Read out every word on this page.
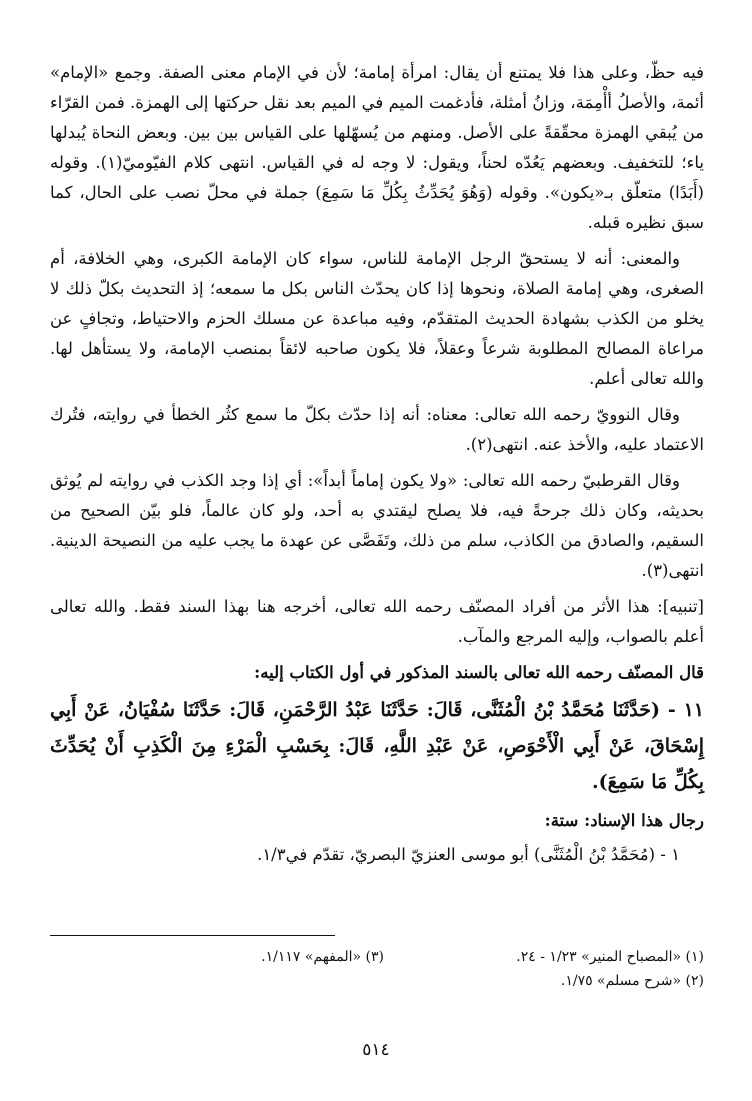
فيه حظّ، وعلى هذا فلا يمتنع أن يقال: امرأة إمامة؛ لأن في الإمام معنى الصفة. وجمع «الإمام» أئمة، والأصلُ أأْمِمَة، وزانُ أمثلة، فأدغمت الميم في الميم بعد نقل حركتها إلى الهمزة. فمن القرّاء من يُبقي الهمزة محقّقةً على الأصل. ومنهم من يُسهّلها على القياس بين بين. وبعض النحاة يُبدلها ياء؛ للتخفيف. وبعضهم يَعُدّه لحناً، ويقول: لا وجه له في القياس. انتهى كلام الفيّوميّ(١). وقوله (أَبَدًا) متعلّق بـ«يكون». وقوله (وَهُوَ يُحَدِّثُ بِكُلِّ مَا سَمِعَ) جملة في محلّ نصب على الحال، كما سبق نظيره قبله.

والمعنى: أنه لا يستحقّ الرجل الإمامة للناس، سواء كان الإمامة الكبرى، وهي الخلافة، أم الصغرى، وهي إمامة الصلاة، ونحوها إذا كان يحدّث الناس بكل ما سمعه؛ إذ التحديث بكلّ ذلك لا يخلو من الكذب بشهادة الحديث المتقدّم، وفيه مباعدة عن مسلك الحزم والاحتياط، وتجافٍ عن مراعاة المصالح المطلوبة شرعاً وعقلاً، فلا يكون صاحبه لائقاً بمنصب الإمامة، ولا يستأهل لها. والله تعالى أعلم.

وقال النوويّ رحمه الله تعالى: معناه: أنه إذا حدّث بكلّ ما سمع كثُر الخطأ في روايته، فتُرك الاعتماد عليه، والأخذ عنه. انتهى(٢).

وقال القرطبيّ رحمه الله تعالى: «ولا يكون إماماً أبداً»: أي إذا وجد الكذب في روايته لم يُوثق بحديثه، وكان ذلك جرحةً فيه، فلا يصلح ليقتدي به أحد، ولو كان عالماً، فلو بيّن الصحيح من السقيم، والصادق من الكاذب، سلم من ذلك، وتَفَصَّى عن عهدة ما يجب عليه من النصيحة الدينية. انتهى(٣).

[تنبيه]: هذا الأثر من أفراد المصنّف رحمه الله تعالى، أخرجه هنا بهذا السند فقط. والله تعالى أعلم بالصواب، وإليه المرجع والمآب.

قال المصنّف رحمه الله تعالى بالسند المذكور في أول الكتاب إليه:
١١ - (حَدَّثَنَا مُحَمَّدُ بْنُ الْمُثَنَّى، قَالَ: حَدَّثَنَا عَبْدُ الرَّحْمَنِ، قَالَ: حَدَّثَنَا سُفْيَانُ، عَنْ أَبِي إِسْحَاقَ، عَنْ أَبِي الْأَحْوَصِ، عَنْ عَبْدِ اللَّهِ، قَالَ: بِحَسْبِ الْمَرْءِ مِنَ الْكَذِبِ أَنْ يُحَدِّثَ بِكُلِّ مَا سَمِعَ).
رجال هذا الإسناد: ستة:
١ - (مُحَمَّدُ بْنُ الْمُثَنَّى) أبو موسى العنزيّ البصريّ، تقدّم في١/٣.
(١) «المصباح المنير» ١/٢٣ - ٢٤.
(٣) «المفهم» ١/١١٧.
(٢) «شرح مسلم» ١/٧٥.
٥١٤
